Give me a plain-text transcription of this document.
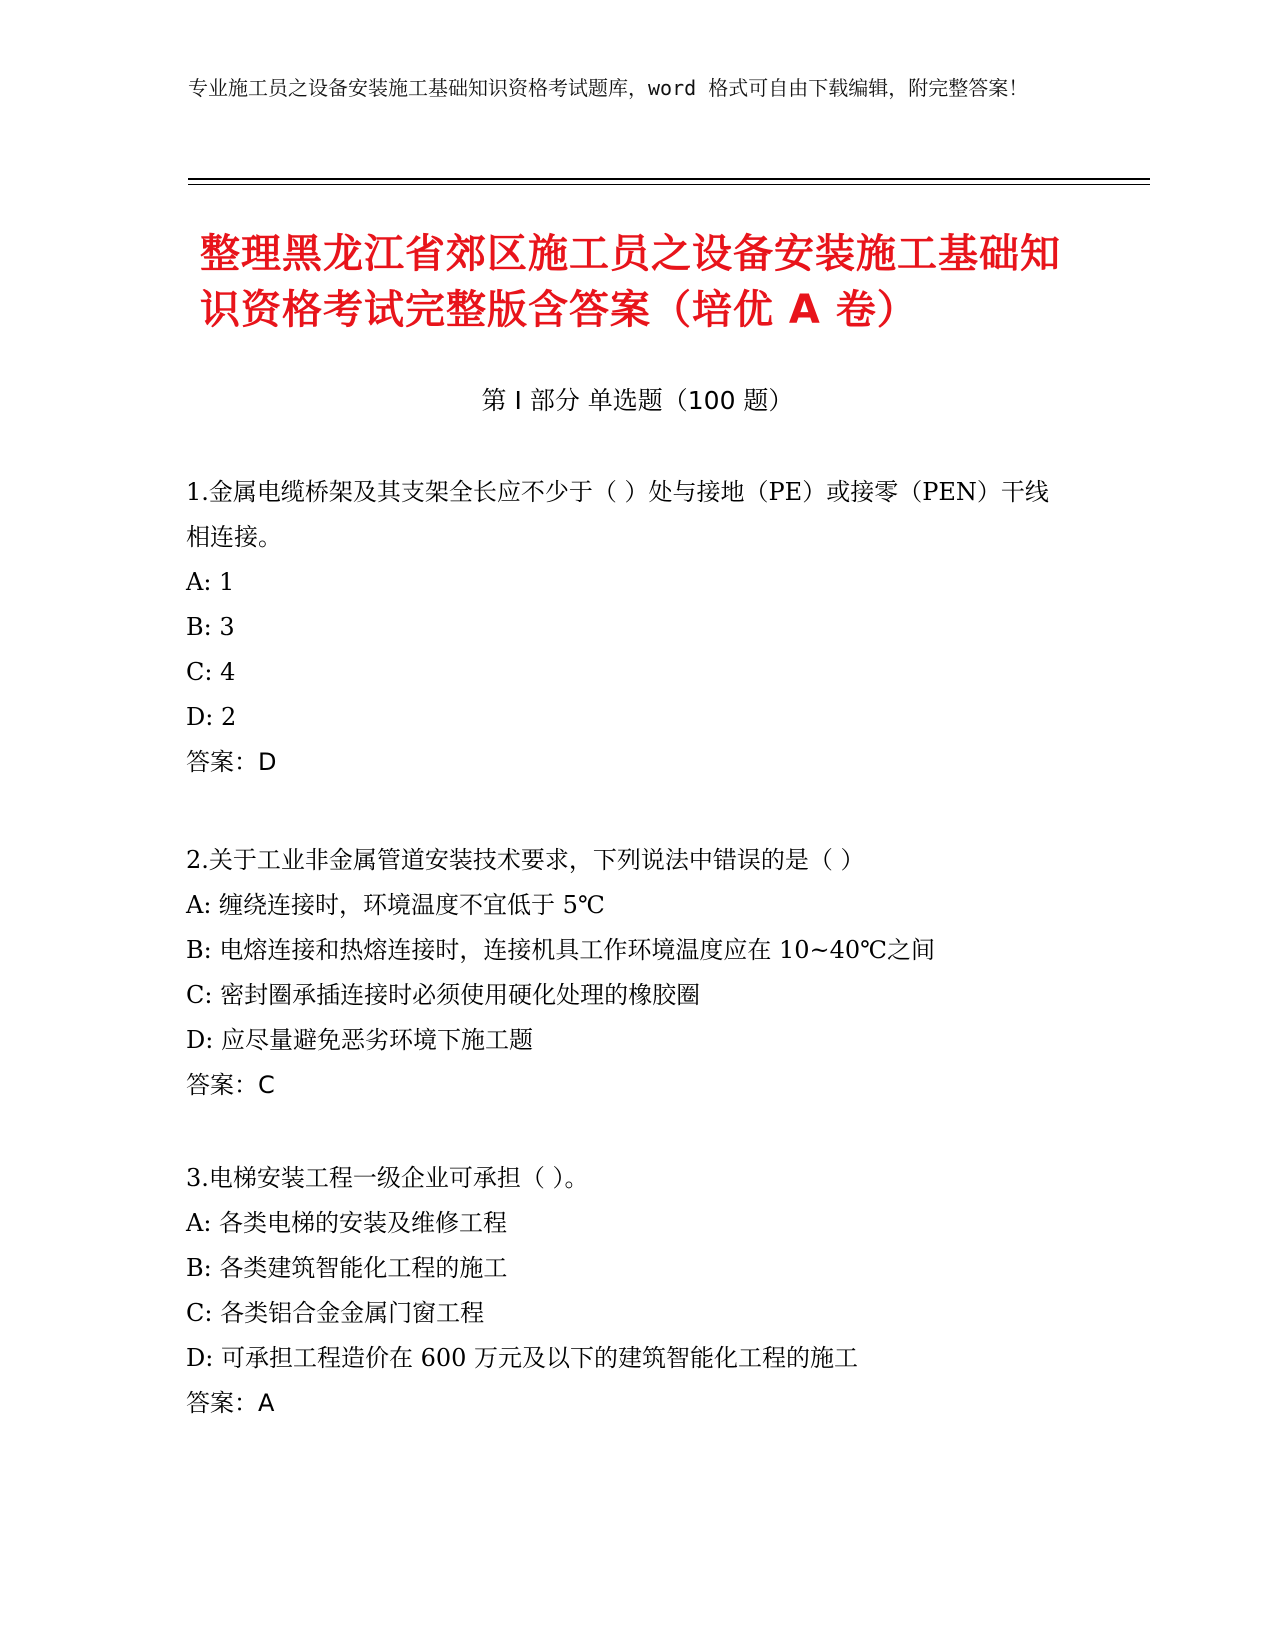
专业施工员之设备安装施工基础知识资格考试题库，word 格式可自由下载编辑，附完整答案！
整理黑龙江省郊区施工员之设备安装施工基础知识资格考试完整版含答案（培优 A 卷）
第 I 部分 单选题（100 题）

1.金属电缆桥架及其支架全长应不少于（ ）处与接地（PE）或接零（PEN）干线相连接。

A: 1

B: 3

C: 4

D: 2

答案：D

2.关于工业非金属管道安装技术要求，下列说法中错误的是（ ）

A: 缠绕连接时，环境温度不宜低于 5℃

B: 电熔连接和热熔连接时，连接机具工作环境温度应在 10~40℃之间

C: 密封圈承插连接时必须使用硬化处理的橡胶圈

D: 应尽量避免恶劣环境下施工题

答案：C

3.电梯安装工程一级企业可承担（ ）。

A: 各类电梯的安装及维修工程

B: 各类建筑智能化工程的施工

C: 各类铝合金金属门窗工程

D: 可承担工程造价在 600 万元及以下的建筑智能化工程的施工

答案：A
